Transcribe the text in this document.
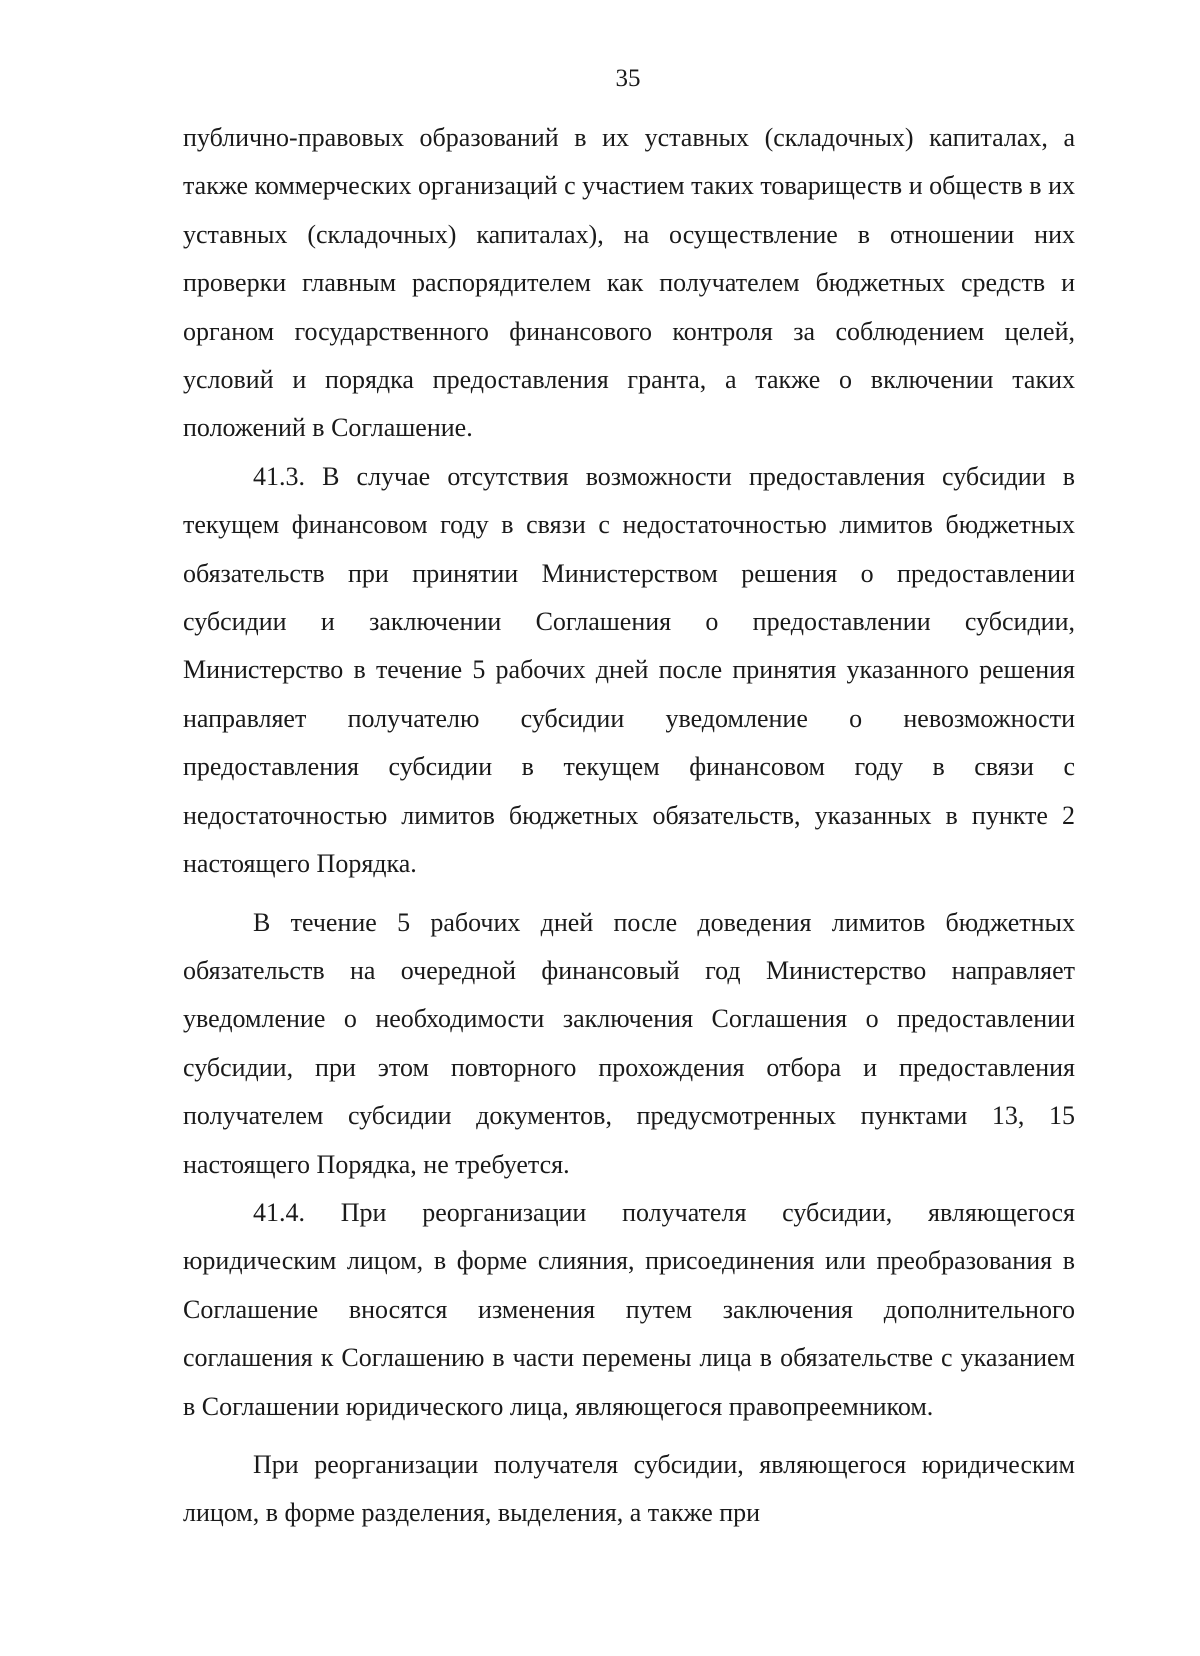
35

публично-правовых образований в их уставных (складочных) капиталах, а также коммерческих организаций с участием таких товариществ и обществ в их уставных (складочных) капиталах), на осуществление в отношении них проверки главным распорядителем как получателем бюджетных средств и органом государственного финансового контроля за соблюдением целей, условий и порядка предоставления гранта, а также о включении таких положений в Соглашение.

41.3. В случае отсутствия возможности предоставления субсидии в текущем финансовом году в связи с недостаточностью лимитов бюджетных обязательств при принятии Министерством решения о предоставлении субсидии и заключении Соглашения о предоставлении субсидии, Министерство в течение 5 рабочих дней после принятия указанного решения направляет получателю субсидии уведомление о невозможности предоставления субсидии в текущем финансовом году в связи с недостаточностью лимитов бюджетных обязательств, указанных в пункте 2 настоящего Порядка.

В течение 5 рабочих дней после доведения лимитов бюджетных обязательств на очередной финансовый год Министерство направляет уведомление о необходимости заключения Соглашения о предоставлении субсидии, при этом повторного прохождения отбора и предоставления получателем субсидии документов, предусмотренных пунктами 13, 15 настоящего Порядка, не требуется.

41.4. При реорганизации получателя субсидии, являющегося юридическим лицом, в форме слияния, присоединения или преобразования в Соглашение вносятся изменения путем заключения дополнительного соглашения к Соглашению в части перемены лица в обязательстве с указанием в Соглашении юридического лица, являющегося правопреемником.

При реорганизации получателя субсидии, являющегося юридическим лицом, в форме разделения, выделения, а также при
